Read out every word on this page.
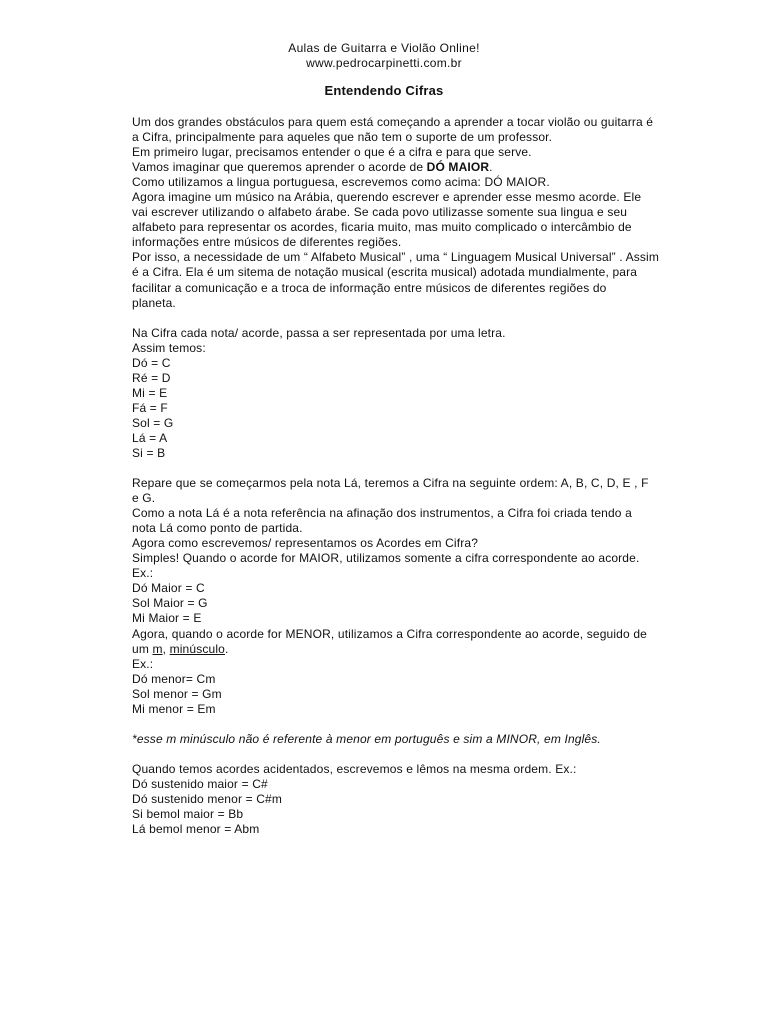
Aulas de Guitarra e Violão Online!
www.pedrocarpinetti.com.br
Entendendo Cifras

Um dos grandes obstáculos para quem está começando a aprender a tocar violão ou guitarra é

a Cifra, principalmente para aqueles que não tem o suporte de um professor.

Em primeiro lugar, precisamos entender o que é a cifra e para que serve.

Vamos imaginar que queremos aprender o acorde de DÓ MAIOR.

Como utilizamos a lingua portuguesa, escrevemos como acima: DÓ MAIOR.

Agora imagine um músico na Arábia, querendo escrever e aprender esse mesmo acorde. Ele

vai escrever utilizando o alfabeto árabe. Se cada povo utilizasse somente sua lingua e seu

alfabeto para representar os acordes, ficaria muito, mas muito complicado o intercâmbio de

informações entre músicos de diferentes regiões.

Por isso, a necessidade de um “ Alfabeto Musical” , uma “ Linguagem Musical Universal” . Assim

é a Cifra. Ela é um sitema de notação musical (escrita musical) adotada mundialmente, para

facilitar a comunicação e a troca de informação entre músicos de diferentes regiões do

planeta.

Na Cifra cada nota/ acorde, passa a ser representada por uma letra.

Assim temos:

Dó = C

Ré = D

Mi = E

Fá = F

Sol = G

Lá = A

Si = B

Repare que se começarmos pela nota Lá, teremos a Cifra na seguinte ordem: A, B, C, D, E , F

e G.

Como a nota Lá é a nota referência na afinação dos instrumentos, a Cifra foi criada tendo a

nota Lá como ponto de partida.

Agora como escrevemos/ representamos os Acordes em Cifra?

Simples! Quando o acorde for MAIOR, utilizamos somente a cifra correspondente ao acorde.

Ex.:

Dó Maior = C

Sol Maior = G

Mi Maior = E

Agora, quando o acorde for MENOR, utilizamos a Cifra correspondente ao acorde, seguido de

um m, minúsculo.

Ex.:

Dó menor= Cm

Sol menor = Gm

Mi menor = Em

*esse m minúsculo não é referente à menor em português e sim a MINOR, em Inglês.

Quando temos acordes acidentados, escrevemos e lêmos na mesma ordem. Ex.:

Dó sustenido maior = C#

Dó sustenido menor = C#m

Si bemol maior = Bb

Lá bemol menor = Abm
